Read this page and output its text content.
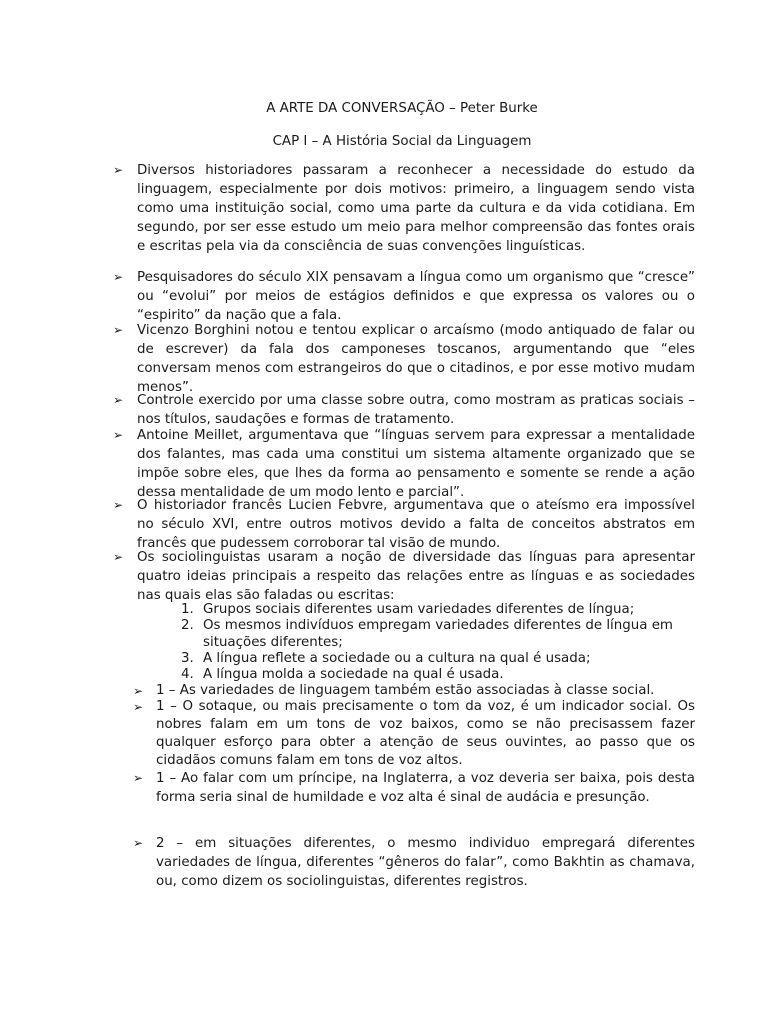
A ARTE DA CONVERSAÇÃO – Peter Burke
CAP I – A História Social da Linguagem
➢ Diversos historiadores passaram a reconhecer a necessidade do estudo da linguagem, especialmente por dois motivos: primeiro, a linguagem sendo vista como uma instituição social, como uma parte da cultura e da vida cotidiana. Em segundo, por ser esse estudo um meio para melhor compreensão das fontes orais e escritas pela via da consciência de suas convenções linguísticas.
➢ Pesquisadores do século XIX pensavam a língua como um organismo que “cresce” ou “evolui” por meios de estágios definidos e que expressa os valores ou o “espirito” da nação que a fala.
➢ Vicenzo Borghini notou e tentou explicar o arcaísmo (modo antiquado de falar ou de escrever) da fala dos camponeses toscanos, argumentando que “eles conversam menos com estrangeiros do que o citadinos, e por esse motivo mudam menos”.
➢ Controle exercido por uma classe sobre outra, como mostram as praticas sociais – nos títulos, saudações e formas de tratamento.
➢ Antoine Meillet, argumentava que “línguas servem para expressar a mentalidade dos falantes, mas cada uma constitui um sistema altamente organizado que se impõe sobre eles, que lhes da forma ao pensamento e somente se rende a ação dessa mentalidade de um modo lento e parcial”.
➢ O historiador francês Lucien Febvre, argumentava que o ateísmo era impossível no século XVI, entre outros motivos devido a falta de conceitos abstratos em francês que pudessem corroborar tal visão de mundo.
➢ Os sociolinguistas usaram a noção de diversidade das línguas para apresentar quatro ideias principais a respeito das relações entre as línguas e as sociedades nas quais elas são faladas ou escritas:
1. Grupos sociais diferentes usam variedades diferentes de língua;
2. Os mesmos indivíduos empregam variedades diferentes de língua em situações diferentes;
3. A língua reflete a sociedade ou a cultura na qual é usada;
4. A língua molda a sociedade na qual é usada.
➢ 1 – As variedades de linguagem também estão associadas à classe social.
➢ 1 – O sotaque, ou mais precisamente o tom da voz, é um indicador social. Os nobres falam em um tons de voz baixos, como se não precisassem fazer qualquer esforço para obter a atenção de seus ouvintes, ao passo que os cidadãos comuns falam em tons de voz altos.
➢ 1 – Ao falar com um príncipe, na Inglaterra, a voz deveria ser baixa, pois desta forma seria sinal de humildade e voz alta é sinal de audácia e presunção.
➢ 2 – em situações diferentes, o mesmo individuo empregará diferentes variedades de língua, diferentes “gêneros do falar”, como Bakhtin as chamava, ou, como dizem os sociolinguistas, diferentes registros.
